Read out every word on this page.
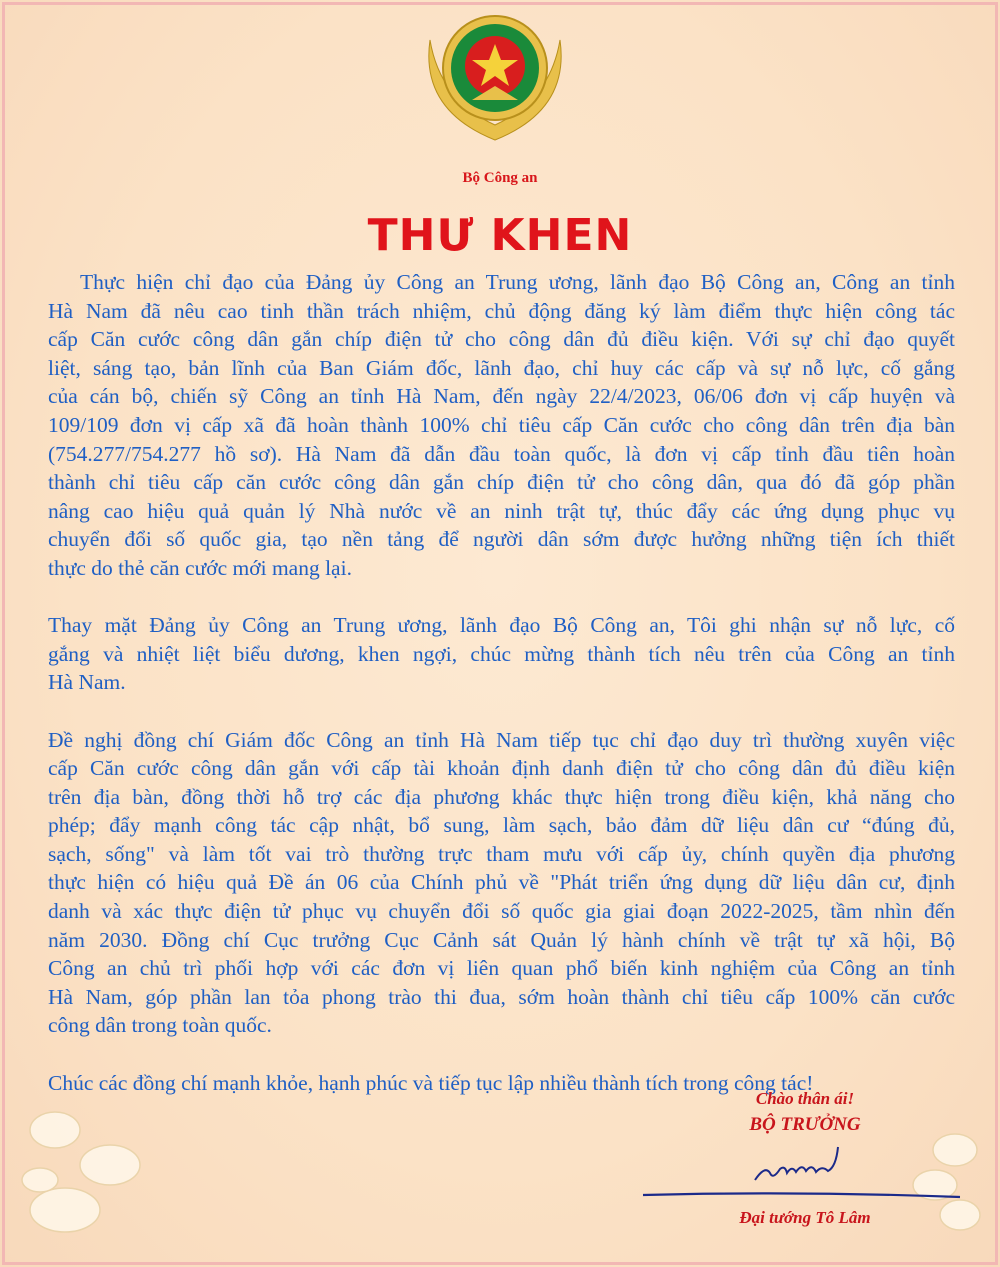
Bộ Công an
THƯ KHEN
Thực hiện chỉ đạo của Đảng ủy Công an Trung ương, lãnh đạo Bộ Công an, Công an tỉnh
Hà Nam đã nêu cao tinh thần trách nhiệm, chủ động đăng ký làm điểm thực hiện công tác
cấp Căn cước công dân gắn chíp điện tử cho công dân đủ điều kiện. Với sự chỉ đạo quyết
liệt, sáng tạo, bản lĩnh của Ban Giám đốc, lãnh đạo, chỉ huy các cấp và sự nỗ lực, cố gắng
của cán bộ, chiến sỹ Công an tỉnh Hà Nam, đến ngày 22/4/2023, 06/06 đơn vị cấp huyện và
109/109 đơn vị cấp xã đã hoàn thành 100% chỉ tiêu cấp Căn cước cho công dân trên địa bàn
(754.277/754.277 hồ sơ). Hà Nam đã dẫn đầu toàn quốc, là đơn vị cấp tỉnh đầu tiên hoàn
thành chỉ tiêu cấp căn cước công dân gắn chíp điện tử cho công dân, qua đó đã góp phần
nâng cao hiệu quả quản lý Nhà nước về an ninh trật tự, thúc đẩy các ứng dụng phục vụ
chuyển đổi số quốc gia, tạo nền tảng để người dân sớm được hưởng những tiện ích thiết
thực do thẻ căn cước mới mang lại.
Thay mặt Đảng ủy Công an Trung ương, lãnh đạo Bộ Công an, Tôi ghi nhận sự nỗ lực, cố
gắng và nhiệt liệt biểu dương, khen ngợi, chúc mừng thành tích nêu trên của Công an tỉnh
Hà Nam.
Đề nghị đồng chí Giám đốc Công an tỉnh Hà Nam tiếp tục chỉ đạo duy trì thường xuyên việc
cấp Căn cước công dân gắn với cấp tài khoản định danh điện tử cho công dân đủ điều kiện
trên địa bàn, đồng thời hỗ trợ các địa phương khác thực hiện trong điều kiện, khả năng cho
phép; đẩy mạnh công tác cập nhật, bổ sung, làm sạch, bảo đảm dữ liệu dân cư “đúng đủ,
sạch, sống" và làm tốt vai trò thường trực tham mưu với cấp ủy, chính quyền địa phương
thực hiện có hiệu quả Đề án 06 của Chính phủ về "Phát triển ứng dụng dữ liệu dân cư, định
danh và xác thực điện tử phục vụ chuyển đổi số quốc gia giai đoạn 2022-2025, tầm nhìn đến
năm 2030. Đồng chí Cục trưởng Cục Cảnh sát Quản lý hành chính về trật tự xã hội, Bộ
Công an chủ trì phối hợp với các đơn vị liên quan phổ biến kinh nghiệm của Công an tỉnh
Hà Nam, góp phần lan tỏa phong trào thi đua, sớm hoàn thành chỉ tiêu cấp 100% căn cước
công dân trong toàn quốc.
Chúc các đồng chí mạnh khỏe, hạnh phúc và tiếp tục lập nhiều thành tích trong công tác!
Chào thân ái!
BỘ TRƯỞNG
Đại tướng Tô Lâm
